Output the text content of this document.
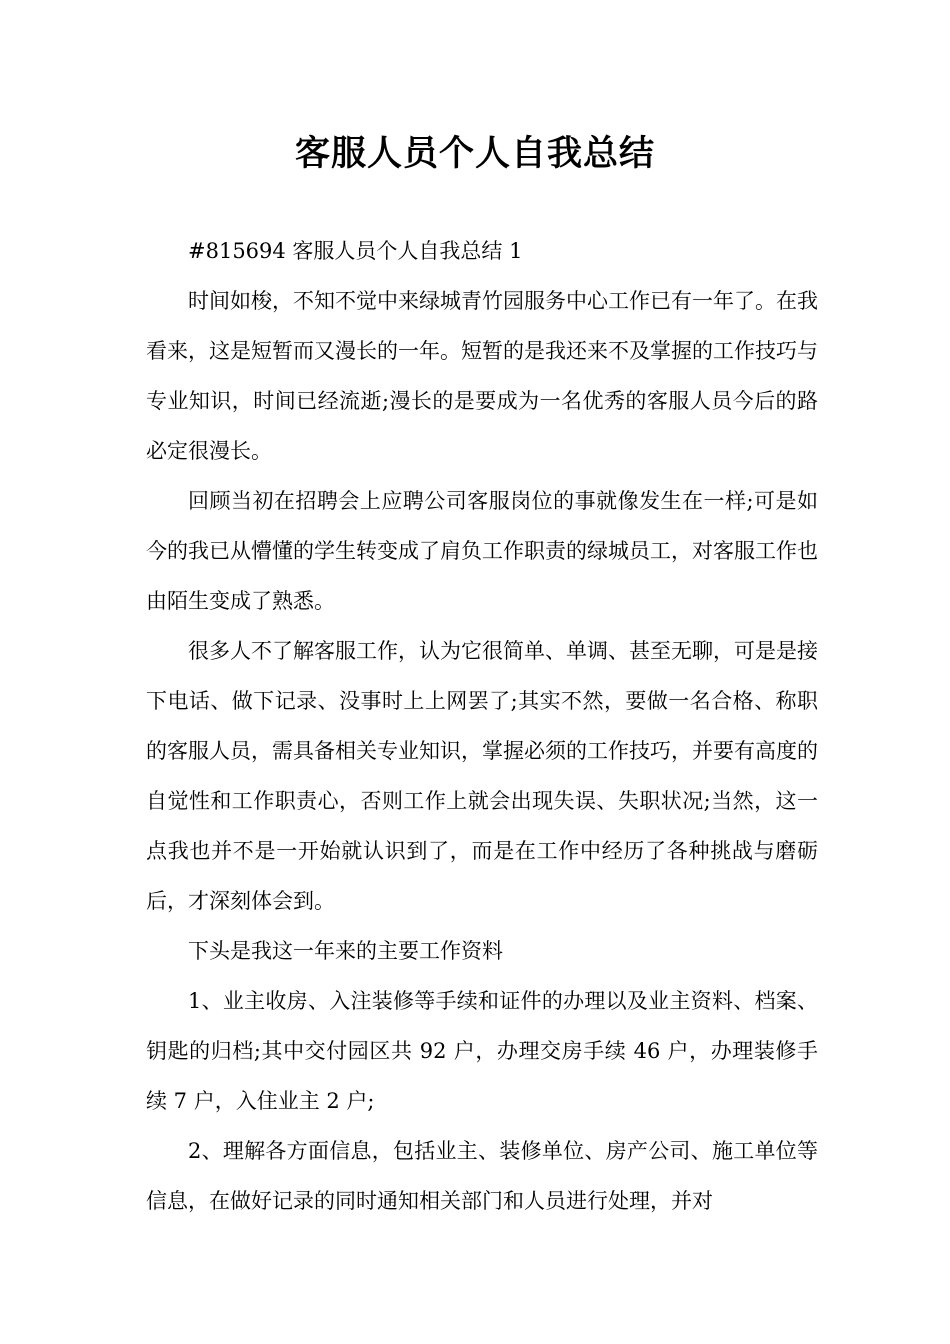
客服人员个人自我总结

#815694 客服人员个人自我总结 1

时间如梭，不知不觉中来绿城青竹园服务中心工作已有一年了。在我看来，这是短暂而又漫长的一年。短暂的是我还来不及掌握的工作技巧与专业知识，时间已经流逝;漫长的是要成为一名优秀的客服人员今后的路必定很漫长。

回顾当初在招聘会上应聘公司客服岗位的事就像发生在一样;可是如今的我已从懵懂的学生转变成了肩负工作职责的绿城员工，对客服工作也由陌生变成了熟悉。

很多人不了解客服工作，认为它很简单、单调、甚至无聊，可是是接下电话、做下记录、没事时上上网罢了;其实不然，要做一名合格、称职的客服人员，需具备相关专业知识，掌握必须的工作技巧，并要有高度的自觉性和工作职责心，否则工作上就会出现失误、失职状况;当然，这一点我也并不是一开始就认识到了，而是在工作中经历了各种挑战与磨砺后，才深刻体会到。

下头是我这一年来的主要工作资料

1、业主收房、入注装修等手续和证件的办理以及业主资料、档案、钥匙的归档;其中交付园区共 92 户，办理交房手续 46 户，办理装修手续 7 户，入住业主 2 户;

2、理解各方面信息，包括业主、装修单位、房产公司、施工单位等信息，在做好记录的同时通知相关部门和人员进行处理，并对
